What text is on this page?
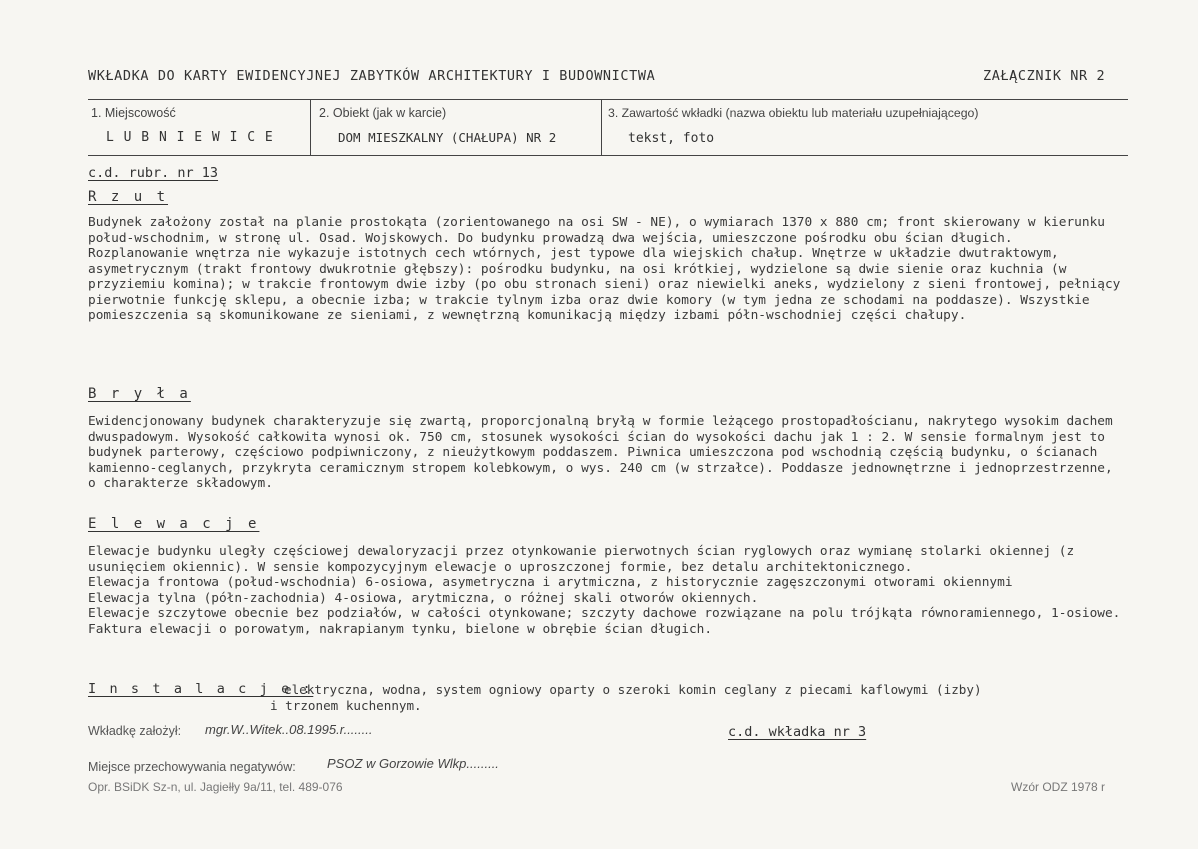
WKŁADKA DO KARTY EWIDENCYJNEJ ZABYTKÓW ARCHITEKTURY I BUDOWNICTWA	ZAŁĄCZNIK NR 2
1. Miejscowość
L U B N I E W I C E
2. Obiekt (jak w karcie)
DOM MIESZKALNY (CHAŁUPA) NR 2
3. Zawartość wkładki (nazwa obiektu lub materiału uzupełniającego)
tekst, foto
c.d. rubr. nr 13
R z u t

Budynek założony został na planie prostokąta (zorientowanego na osi SW - NE), o wymiarach 1370 x 880 cm; front skierowany w kierunku połud-wschodnim, w stronę ul. Osad. Wojskowych. Do budynku prowadzą dwa wejścia, umieszczone pośrodku obu ścian długich.

Rozplanowanie wnętrza nie wykazuje istotnych cech wtórnych, jest typowe dla wiejskich chałup. Wnętrze w układzie dwutraktowym, asymetrycznym (trakt frontowy dwukrotnie głębszy): pośrodku budynku, na osi krótkiej, wydzielone są dwie sienie oraz kuchnia (w przyziemiu komina); w trakcie frontowym dwie izby (po obu stronach sieni) oraz niewielki aneks, wydzielony z sieni frontowej, pełniący pierwotnie funkcję sklepu, a obecnie izba; w trakcie tylnym izba oraz dwie komory (w tym jedna ze schodami na poddasze). Wszystkie pomieszczenia są skomunikowane ze sieniami, z wewnętrzną komunikacją między izbami półn-wschodniej części chałupy.

B r y ł a

Ewidencjonowany budynek charakteryzuje się zwartą, proporcjonalną bryłą w formie leżącego prostopadłościanu, nakrytego wysokim dachem dwuspadowym. Wysokość całkowita wynosi ok. 750 cm, stosunek wysokości ścian do wysokości dachu jak 1 : 2. W sensie formalnym jest to budynek parterowy, częściowo podpiwniczony, z nieużytkowym poddaszem. Piwnica umieszczona pod wschodnią częścią budynku, o ścianach kamienno-ceglanych, przykryta ceramicznym stropem kolebkowym, o wys. 240 cm (w strzałce). Poddasze jednownętrzne i jednoprzestrzenne, o charakterze składowym.

E l e w a c j e

Elewacje budynku uległy częściowej dewaloryzacji przez otynkowanie pierwotnych ścian ryglowych oraz wymianę stolarki okiennej (z usunięciem okiennic). W sensie kompozycyjnym elewacje o uproszczonej formie, bez detalu architektonicznego.

Elewacja frontowa (połud-wschodnia) 6-osiowa, asymetryczna i arytmiczna, z historycznie zagęszczonymi otworami okiennymi

Elewacja tylna (półn-zachodnia) 4-osiowa, arytmiczna, o różnej skali otworów okiennych.

Elewacje szczytowe obecnie bez podziałów, w całości otynkowane; szczyty dachowe rozwiązane na polu trójkąta równoramiennego, 1-osiowe.

Faktura elewacji o porowatym, nakrapianym tynku, bielone w obrębie ścian długich.

I n s t a l a c j e :
elektryczna, wodna, system ogniowy oparty o szeroki komin ceglany z piecami kaflowymi (izby)
i trzonem kuchennym.
Wkładkę założył: mgr.W..Witek..08.1995.r........	c.d. wkładka nr 3
Miejsce przechowywania negatywów: PSOZ w Gorzowie Wlkp.........
Opr. BSiDK Sz-n, ul. Jagiełły 9a/11, tel. 489-076	Wzór ODZ 1978 r
